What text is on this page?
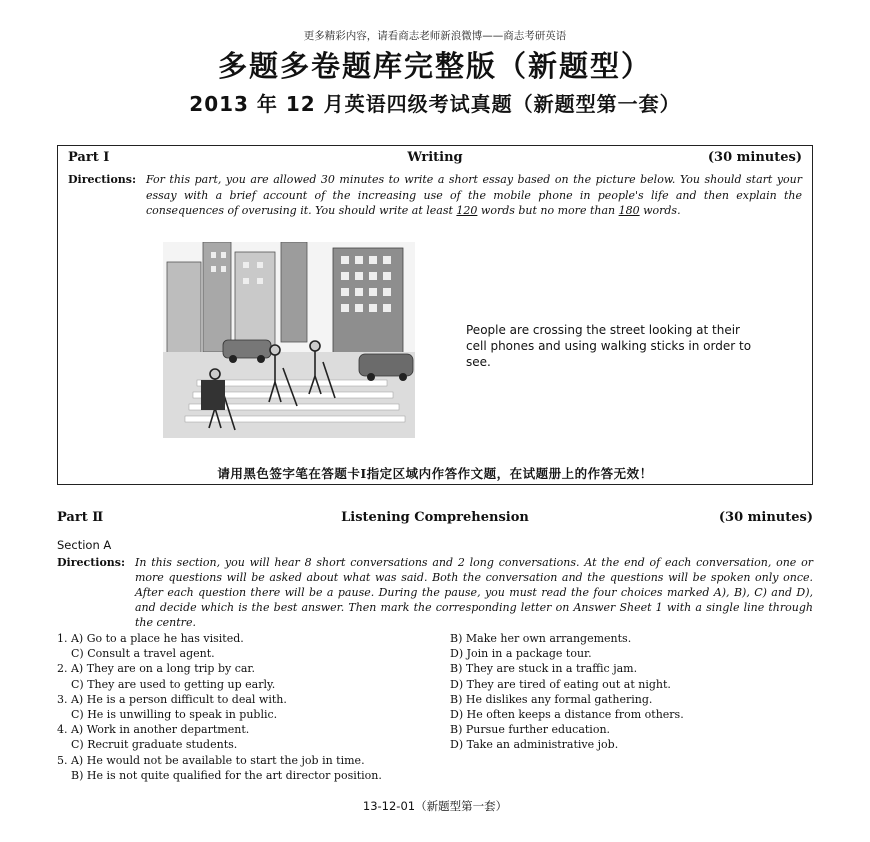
更多精彩内容，请看商志老师新浪微博——商志考研英语
多题多卷题库完整版（新题型）
2013 年 12 月英语四级考试真题（新题型第一套）
Part Ⅰ	Writing	(30 minutes)
Directions: For this part, you are allowed 30 minutes to write a short essay based on the picture below. You should start your essay with a brief account of the increasing use of the mobile phone in people's life and then explain the consequences of overusing it. You should write at least 120 words but no more than 180 words.
People are crossing the street looking at their cell phones and using walking sticks in order to see.
请用黑色签字笔在答题卡Ⅰ指定区域内作答作文题，在试题册上的作答无效！
Part Ⅱ	Listening Comprehension	(30 minutes)
Section A
Directions: In this section, you will hear 8 short conversations and 2 long conversations. At the end of each conversation, one or more questions will be asked about what was said. Both the conversation and the questions will be spoken only once. After each question there will be a pause. During the pause, you must read the four choices marked A), B), C) and D), and decide which is the best answer. Then mark the corresponding letter on Answer Sheet 1 with a single line through the centre.
1. A) Go to a place he has visited.	B) Make her own arrangements.
C) Consult a travel agent.	D) Join in a package tour.
2. A) They are on a long trip by car.	B) They are stuck in a traffic jam.
C) They are used to getting up early.	D) They are tired of eating out at night.
3. A) He is a person difficult to deal with.	B) He dislikes any formal gathering.
C) He is unwilling to speak in public.	D) He often keeps a distance from others.
4. A) Work in another department.	B) Pursue further education.
C) Recruit graduate students.	D) Take an administrative job.
5. A) He would not be available to start the job in time.
B) He is not quite qualified for the art director position.
13-12-01（新题型第一套）
